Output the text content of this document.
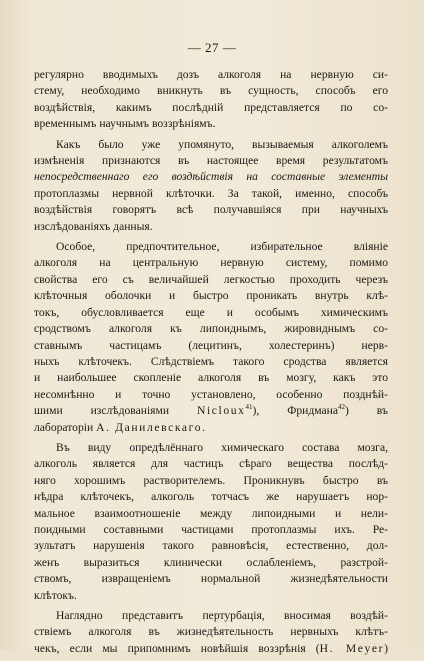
— 27 —

регулярно вводимыхъ дозъ алкоголя на нервную си-
стему, необходимо вникнуть въ сущность, способъ его
воздѣйствія, какимъ послѣдній представляется по со-
временнымъ научнымъ воззрѣніямъ.

Какъ было уже упомянуто, вызываемыя алкоголемъ
измѣненія признаются въ настоящее время результатомъ
непосредственнаго его воздѣйствія на составные элементы
протоплазмы нервной клѣточки. За такой, именно, способъ
воздѣйствія говорятъ всѣ получавшіяся при научныхъ
изслѣдованіяхъ данныя.

Особое, предпочтительное, избирательное вліяніе
алкоголя на центральную нервную систему, помимо
свойства его съ величайшей легкостью проходить черезъ
клѣточныя оболочки и быстро проникать внутрь клѣ-
токъ, обусловливается еще и особымъ химическимъ
сродствомъ алкоголя къ липоиднымъ, жировиднымъ со-
ставнымъ частицамъ (лецитинъ, холестеринъ) нерв-
ныхъ клѣточекъ. Слѣдствіемъ такого сродства является
и наибольшее скопленіе алкоголя въ мозгу, какъ это
несомнѣнно и точно установлено, особенно позднѣй-
шими изслѣдованіями Nicloux$^{41}$), Фридмана$^{42}$) въ
лабораторіи А. Данилевскаго.

Въ виду опредѣлённаго химическаго состава мозга,
алкоголь является для частицъ сѣраго вещества послѣд-
няго хорошимъ растворителемъ. Проникнувъ быстро въ
нѣдра клѣточекъ, алкоголь тотчасъ же нарушаетъ нор-
мальное взаимоотношеніе между липоидными и нели-
поидными составными частицами протоплазмы ихъ. Ре-
зультатъ нарушенія такого равновѣсія, естественно, дол-
женъ выразиться клинически ослабленіемъ, разстрой-
ствомъ, извращеніемъ нормальной жизнедѣятельности
клѣтокъ.

Наглядно представитъ пертурбація, вносимая воздѣй-
ствіемъ алкоголя въ жизнедѣятельность нервныхъ клѣтъ-
чекъ, если мы припомнимъ новѣйшія воззрѣнія (H. Meyer)
